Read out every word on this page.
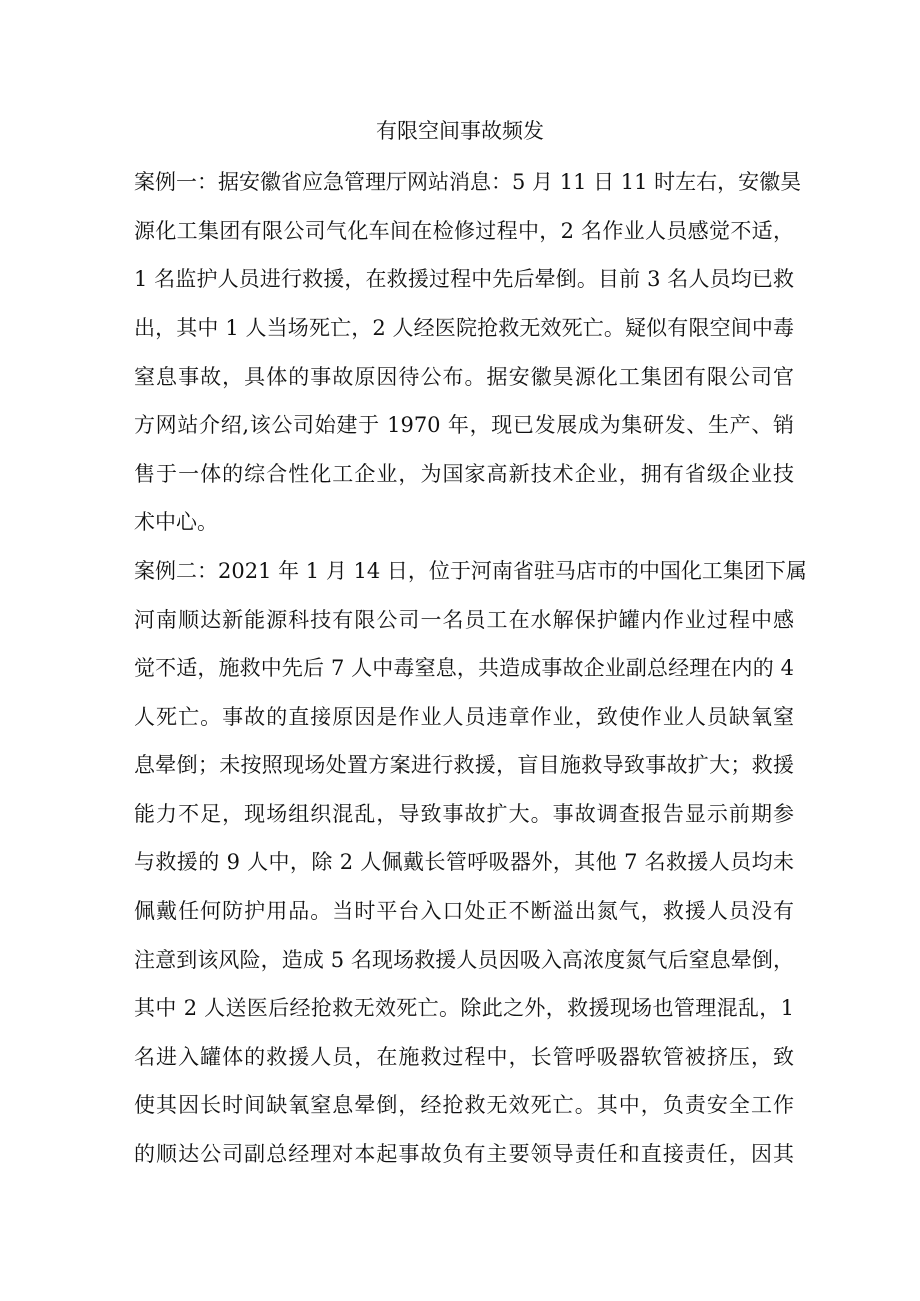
有限空间事故频发
案例一：据安徽省应急管理厅网站消息：5 月 11 日 11 时左右，安徽昊
源化工集团有限公司气化车间在检修过程中，2 名作业人员感觉不适，
1 名监护人员进行救援，在救援过程中先后晕倒。目前 3 名人员均已救
出，其中 1 人当场死亡，2 人经医院抢救无效死亡。疑似有限空间中毒
窒息事故，具体的事故原因待公布。据安徽昊源化工集团有限公司官
方网站介绍,该公司始建于 1970 年，现已发展成为集研发、生产、销
售于一体的综合性化工企业，为国家高新技术企业，拥有省级企业技
术中心。
案例二：2021 年 1 月 14 日，位于河南省驻马店市的中国化工集团下属
河南顺达新能源科技有限公司一名员工在水解保护罐内作业过程中感
觉不适，施救中先后 7 人中毒窒息，共造成事故企业副总经理在内的 4
人死亡。事故的直接原因是作业人员违章作业，致使作业人员缺氧窒
息晕倒；未按照现场处置方案进行救援，盲目施救导致事故扩大；救援
能力不足，现场组织混乱，导致事故扩大。事故调查报告显示前期参
与救援的 9 人中，除 2 人佩戴长管呼吸器外，其他 7 名救援人员均未
佩戴任何防护用品。当时平台入口处正不断溢出氮气，救援人员没有
注意到该风险，造成 5 名现场救援人员因吸入高浓度氮气后窒息晕倒，
其中 2 人送医后经抢救无效死亡。除此之外，救援现场也管理混乱，1
名进入罐体的救援人员，在施救过程中，长管呼吸器软管被挤压，致
使其因长时间缺氧窒息晕倒，经抢救无效死亡。其中，负责安全工作
的顺达公司副总经理对本起事故负有主要领导责任和直接责任，因其
